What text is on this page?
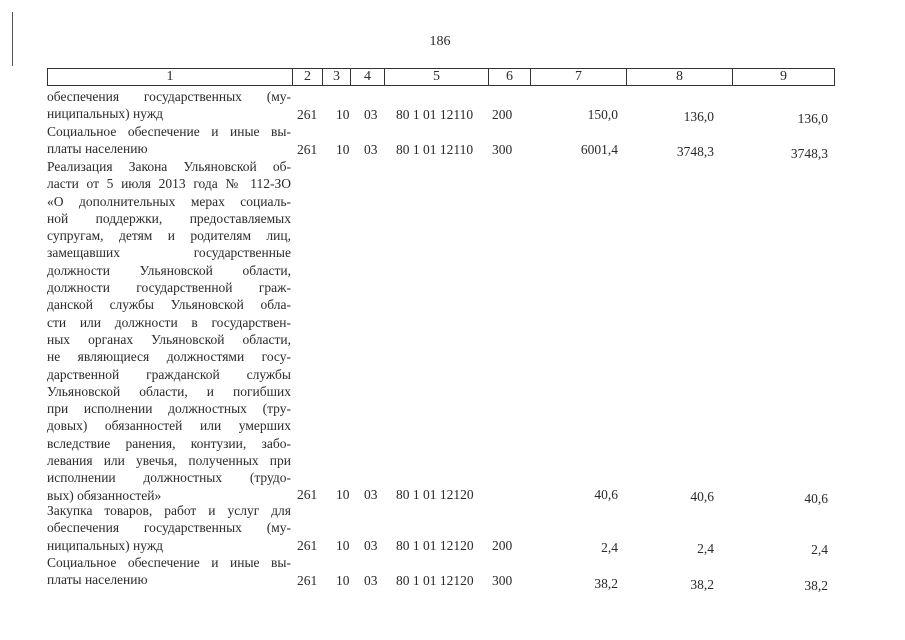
186
1	2	3	4	5	6	7	8	9
обеспечения государственных (му-
ниципальных) нужд	261 10 03 80 1 01 12110 200	150,0	136,0	136,0
Социальное обеспечение и иные вы-
платы населению	261 10 03 80 1 01 12110 300	6001,4	3748,3	3748,3
Реализация Закона Ульяновской об-
ласти от 5 июля 2013 года № 112-ЗО
«О дополнительных мерах социаль-
ной поддержки, предоставляемых
супругам, детям и родителям лиц,
замещавших государственные
должности Ульяновской области,
должности государственной граж-
данской службы Ульяновской обла-
сти или должности в государствен-
ных органах Ульяновской области,
не являющиеся должностями госу-
дарственной гражданской службы
Ульяновской области, и погибших
при исполнении должностных (тру-
довых) обязанностей или умерших
вследствие ранения, контузии, забо-
левания или увечья, полученных при
исполнении должностных (трудо-
вых) обязанностей»	261 10 03 80 1 01 12120	40,6	40,6	40,6
Закупка товаров, работ и услуг для
обеспечения государственных (му-
ниципальных) нужд	261 10 03 80 1 01 12120 200	2,4	2,4	2,4
Социальное обеспечение и иные вы-
платы населению	261 10 03 80 1 01 12120 300	38,2	38,2	38,2
